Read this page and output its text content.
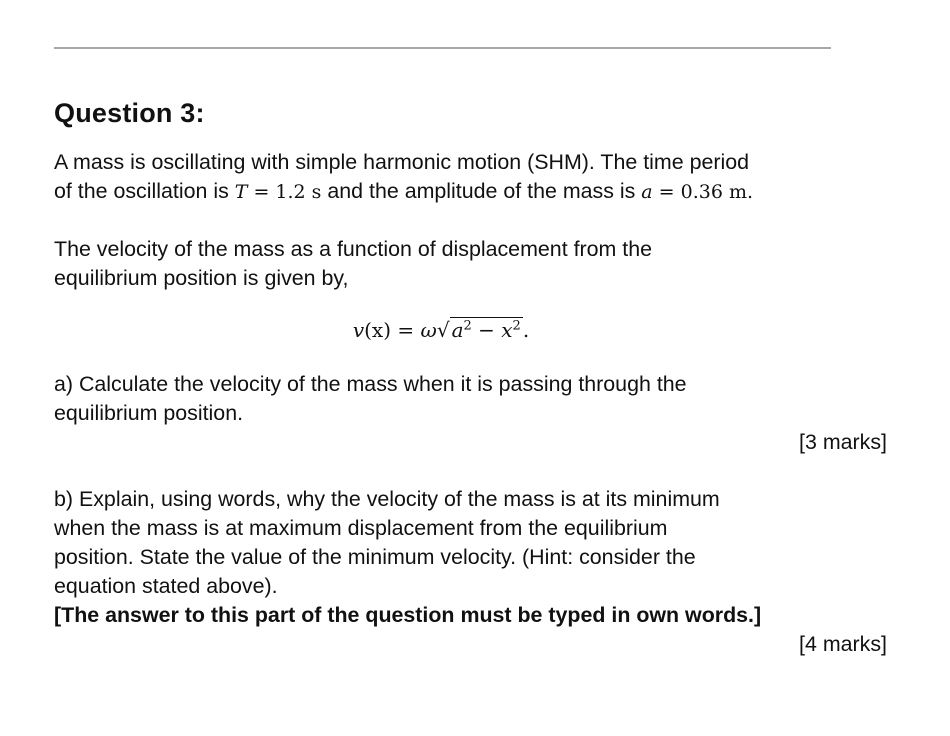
Question 3:

A mass is oscillating with simple harmonic motion (SHM). The time period
of the oscillation is T = 1.2 s and the amplitude of the mass is a = 0.36 m.

The velocity of the mass as a function of displacement from the
equilibrium position is given by,

v(x) = ω√ $a^2 - x^2$ .

a) Calculate the velocity of the mass when it is passing through the
equilibrium position.

[3 marks]

b) Explain, using words, why the velocity of the mass is at its minimum
when the mass is at maximum displacement from the equilibrium
position. State the value of the minimum velocity. (Hint: consider the
equation stated above).

[The answer to this part of the question must be typed in own words.]

[4 marks]
